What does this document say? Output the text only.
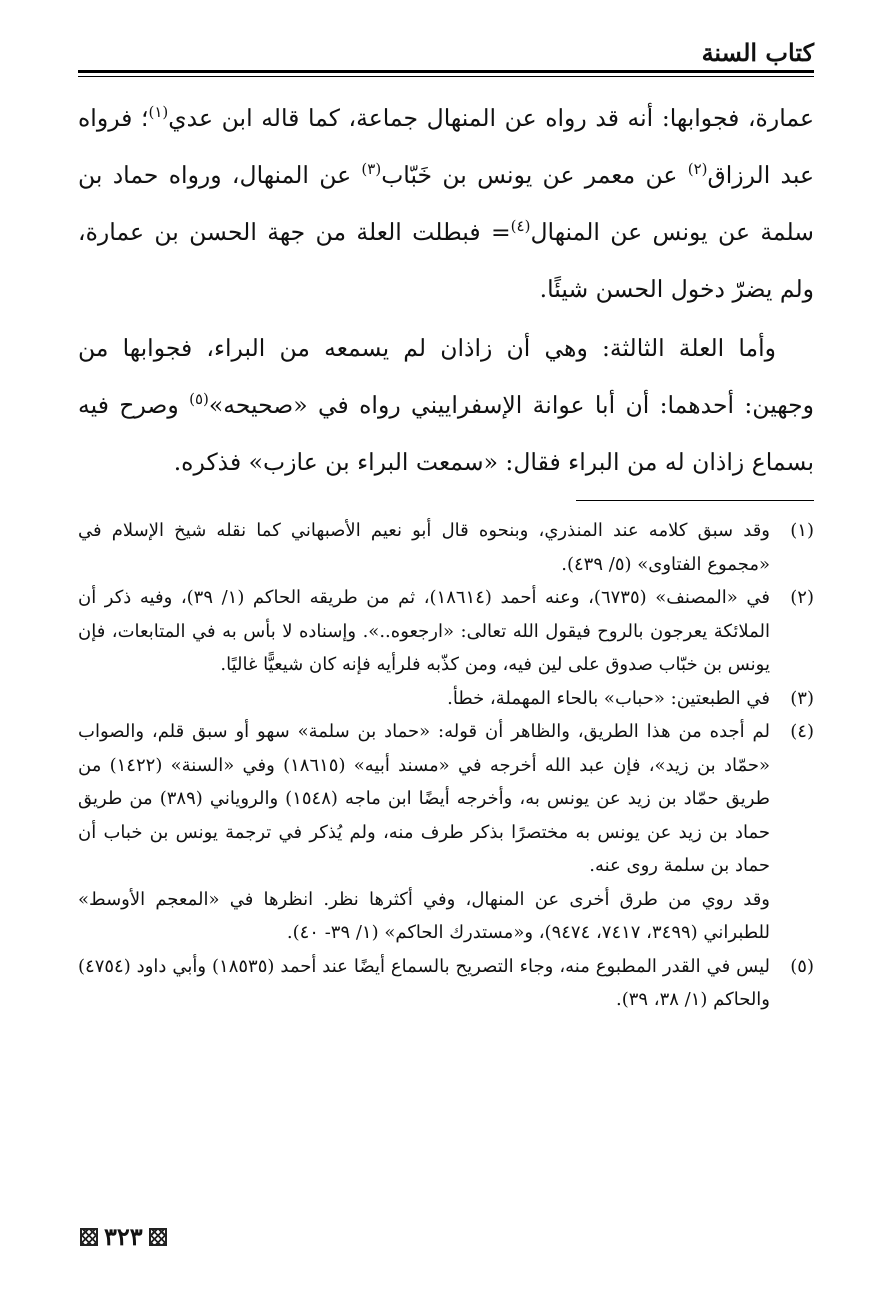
كتاب السنة

عمارة، فجوابها: أنه قد رواه عن المنهال جماعة، كما قاله ابن عدي$^{(١)}$؛ فرواه عبد الرزاق$^{(٢)}$ عن معمر عن يونس بن خَبّاب$^{(٣)}$ عن المنهال، ورواه حماد بن سلمة عن يونس عن المنهال$^{(٤)}$= فبطلت العلة من جهة الحسن بن عمارة، ولم يضرّ دخول الحسن شيئًا.

وأما العلة الثالثة: وهي أن زاذان لم يسمعه من البراء، فجوابها من وجهين: أحدهما: أن أبا عوانة الإسفراييني رواه في «صحيحه»$^{(٥)}$ وصرح فيه بسماع زاذان له من البراء فقال: «سمعت البراء بن عازب» فذكره.

(١)
وقد سبق كلامه عند المنذري، وبنحوه قال أبو نعيم الأصبهاني كما نقله شيخ الإسلام في «مجموع الفتاوى» (٥/ ٤٣٩).
(٢)
في «المصنف» (٦٧٣٥)، وعنه أحمد (١٨٦١٤)، ثم من طريقه الحاكم (١/ ٣٩)، وفيه ذكر أن الملائكة يعرجون بالروح فيقول الله تعالى: «ارجعوه..». وإسناده لا بأس به في المتابعات، فإن يونس بن خبّاب صدوق على لين فيه، ومن كذّبه فلرأيه فإنه كان شيعيًّا غاليًا.
(٣)
في الطبعتين: «حباب» بالحاء المهملة، خطأ.
(٤)
لم أجده من هذا الطريق، والظاهر أن قوله: «حماد بن سلمة» سهو أو سبق قلم، والصواب «حمّاد بن زيد»، فإن عبد الله أخرجه في «مسند أبيه» (١٨٦١٥) وفي «السنة» (١٤٢٢) من طريق حمّاد بن زيد عن يونس به، وأخرجه أيضًا ابن ماجه (١٥٤٨) والروياني (٣٨٩) من طريق حماد بن زيد عن يونس به مختصرًا بذكر طرف منه، ولم يُذكر في ترجمة يونس بن خباب أن حماد بن سلمة روى عنه.
وقد روي من طرق أخرى عن المنهال، وفي أكثرها نظر. انظرها في «المعجم الأوسط» للطبراني (٣٤٩٩، ٧٤١٧، ٩٤٧٤)، و«مستدرك الحاكم» (١/ ٣٩- ٤٠).
(٥)
ليس في القدر المطبوع منه، وجاء التصريح بالسماع أيضًا عند أحمد (١٨٥٣٥) وأبي داود (٤٧٥٤) والحاكم (١/ ٣٨، ٣٩).
٣٢٣
